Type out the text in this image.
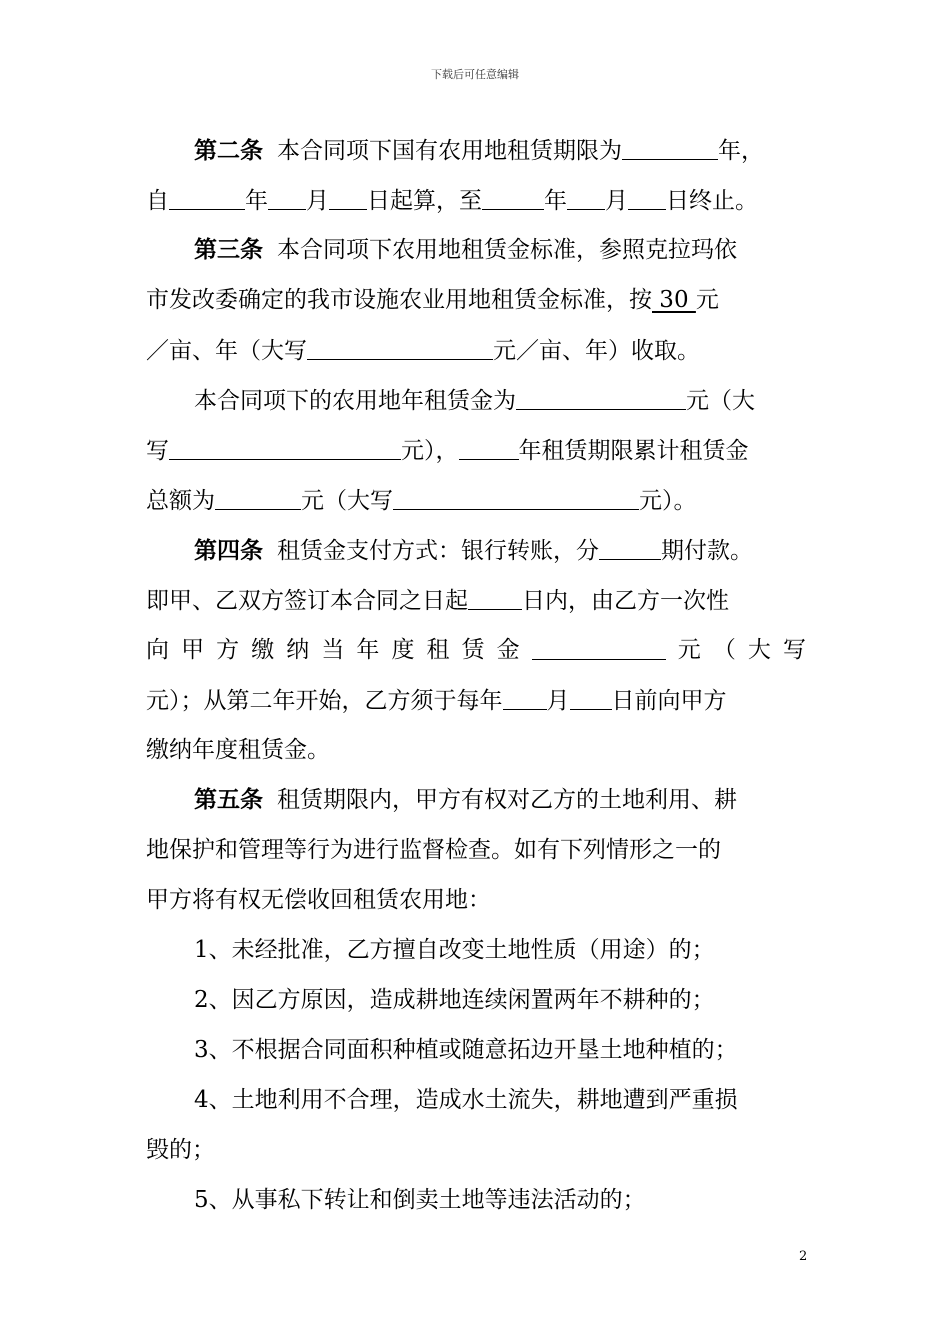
下载后可任意编辑
第二条 本合同项下国有农用地租赁期限为	年，
自	年 月 日起算，至	年 月 日终止。
第三条 本合同项下农用地租赁金标准，参照克拉玛依
市发改委确定的我市设施农业用地租赁金标准，按 30 元
／亩、年（大写	元／亩、年）收取。
本合同项下的农用地年租赁金为	元（大
写	元），	年租赁期限累计租赁金
总额为	元（大写	元）。
第四条 租赁金支付方式：银行转账，分	期付款。
即甲、乙双方签订本合同之日起 日内，由乙方一次性
向 甲 方 缴 纳 当 年 度 租 赁 金	元 （ 大 写
元）；从第二年开始，乙方须于每年 月 日前向甲方
缴纳年度租赁金。
第五条 租赁期限内，甲方有权对乙方的土地利用、耕
地保护和管理等行为进行监督检查。如有下列情形之一的
甲方将有权无偿收回租赁农用地：
1、未经批准，乙方擅自改变土地性质（用途）的；
2、因乙方原因，造成耕地连续闲置两年不耕种的；
3、不根据合同面积种植或随意拓边开垦土地种植的；
4、土地利用不合理，造成水土流失，耕地遭到严重损
毁的；
5、从事私下转让和倒卖土地等违法活动的；
2
